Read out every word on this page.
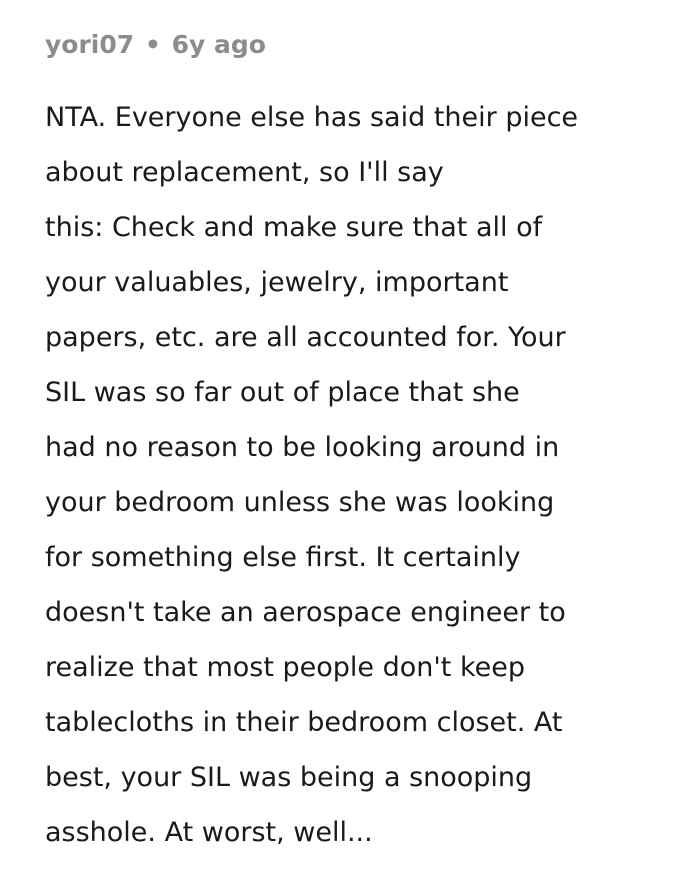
yori07 • 6y ago
NTA. Everyone else has said their piece
about replacement, so I'll say
this: Check and make sure that all of
your valuables, jewelry, important
papers, etc. are all accounted for. Your
SIL was so far out of place that she
had no reason to be looking around in
your bedroom unless she was looking
for something else first. It certainly
doesn't take an aerospace engineer to
realize that most people don't keep
tablecloths in their bedroom closet. At
best, your SIL was being a snooping
asshole. At worst, well...
